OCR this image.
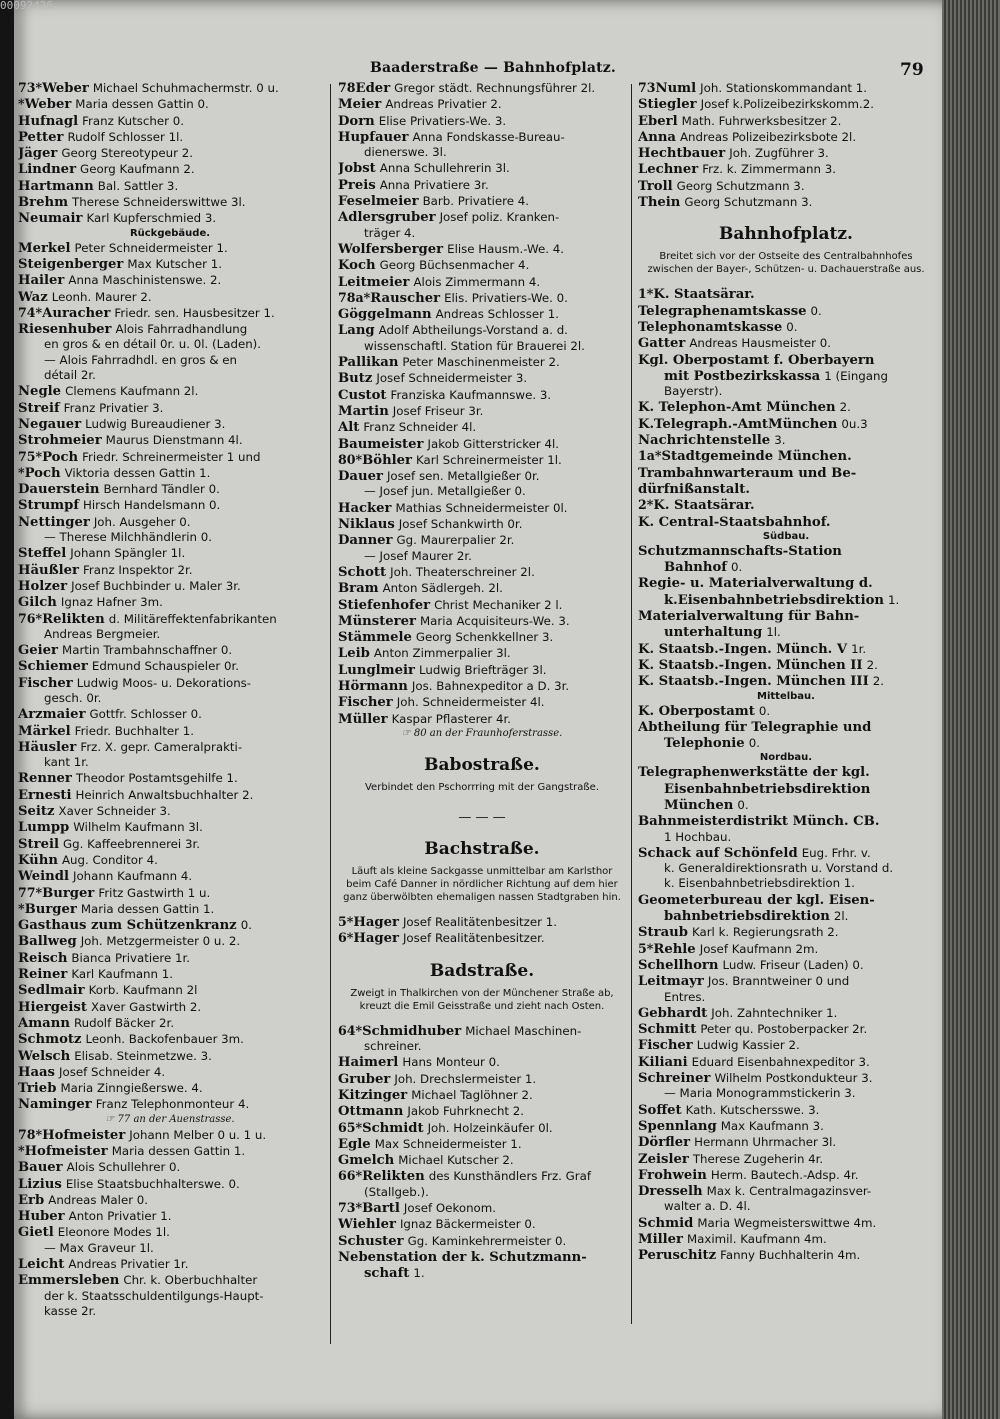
00092426
Baaderstraße — Bahnhofplatz.	79
73*Weber Michael Schuhmachermstr. 0 u.
*Weber Maria dessen Gattin 0.
Hufnagl Franz Kutscher 0.
Petter Rudolf Schlosser 1l.
Jäger Georg Stereotypeur 2.
Lindner Georg Kaufmann 2.
Hartmann Bal. Sattler 3.
Brehm Therese Schneiderswittwe 3l.
Neumair Karl Kupferschmied 3.
Rückgebäude.
Merkel Peter Schneidermeister 1.
Steigenberger Max Kutscher 1.
Hailer Anna Maschinistenswe. 2.
Waz Leonh. Maurer 2.
74*Auracher Friedr. sen. Hausbesitzer 1.
Riesenhuber Alois Fahrradhandlung
en gros & en détail 0r. u. 0l. (Laden).
— Alois Fahrradhdl. en gros & en
détail 2r.
Negle Clemens Kaufmann 2l.
Streif Franz Privatier 3.
Negauer Ludwig Bureaudiener 3.
Strohmeier Maurus Dienstmann 4l.
75*Poch Friedr. Schreinermeister 1 und
*Poch Viktoria dessen Gattin 1.
Dauerstein Bernhard Tändler 0.
Strumpf Hirsch Handelsmann 0.
Nettinger Joh. Ausgeher 0.
— Therese Milchhändlerin 0.
Steffel Johann Spängler 1l.
Häußler Franz Inspektor 2r.
Holzer Josef Buchbinder u. Maler 3r.
Gilch Ignaz Hafner 3m.
76*Relikten d. Militäreffektenfabrikanten
Andreas Bergmeier.
Geier Martin Trambahnschaffner 0.
Schiemer Edmund Schauspieler 0r.
Fischer Ludwig Moos- u. Dekorations-
gesch. 0r.
Arzmaier Gottfr. Schlosser 0.
Märkel Friedr. Buchhalter 1.
Häusler Frz. X. gepr. Cameralprakti-
kant 1r.
Renner Theodor Postamtsgehilfe 1.
Ernesti Heinrich Anwaltsbuchhalter 2.
Seitz Xaver Schneider 3.
Lumpp Wilhelm Kaufmann 3l.
Streil Gg. Kaffeebrennerei 3r.
Kühn Aug. Conditor 4.
Weindl Johann Kaufmann 4.
77*Burger Fritz Gastwirth 1 u.
*Burger Maria dessen Gattin 1.
Gasthaus zum Schützenkranz 0.
Ballweg Joh. Metzgermeister 0 u. 2.
Reisch Bianca Privatiere 1r.
Reiner Karl Kaufmann 1.
Sedlmair Korb. Kaufmann 2l
Hiergeist Xaver Gastwirth 2.
Amann Rudolf Bäcker 2r.
Schmotz Leonh. Backofenbauer 3m.
Welsch Elisab. Steinmetzwe. 3.
Haas Josef Schneider 4.
Trieb Maria Zinngießerswe. 4.
Naminger Franz Telephonmonteur 4.
☞ 77 an der Auenstrasse.
78*Hofmeister Johann Melber 0 u. 1 u.
*Hofmeister Maria dessen Gattin 1.
Bauer Alois Schullehrer 0.
Lizius Elise Staatsbuchhalterswe. 0.
Erb Andreas Maler 0.
Huber Anton Privatier 1.
Gietl Eleonore Modes 1l.
— Max Graveur 1l.
Leicht Andreas Privatier 1r.
Emmersleben Chr. k. Oberbuchhalter
der k. Staatsschuldentilgungs-Haupt-
kasse 2r.
78Eder Gregor städt. Rechnungsführer 2l.
Meier Andreas Privatier 2.
Dorn Elise Privatiers-We. 3.
Hupfauer Anna Fondskasse-Bureau-
dienerswe. 3l.
Jobst Anna Schullehrerin 3l.
Preis Anna Privatiere 3r.
Feselmeier Barb. Privatiere 4.
Adlersgruber Josef poliz. Kranken-
träger 4.
Wolfersberger Elise Hausm.-We. 4.
Koch Georg Büchsenmacher 4.
Leitmeier Alois Zimmermann 4.
78a*Rauscher Elis. Privatiers-We. 0.
Göggelmann Andreas Schlosser 1.
Lang Adolf Abtheilungs-Vorstand a. d.
wissenschaftl. Station für Brauerei 2l.
Pallikan Peter Maschinenmeister 2.
Butz Josef Schneidermeister 3.
Custot Franziska Kaufmannswe. 3.
Martin Josef Friseur 3r.
Alt Franz Schneider 4l.
Baumeister Jakob Gitterstricker 4l.
80*Böhler Karl Schreinermeister 1l.
Dauer Josef sen. Metallgießer 0r.
— Josef jun. Metallgießer 0.
Hacker Mathias Schneidermeister 0l.
Niklaus Josef Schankwirth 0r.
Danner Gg. Maurerpalier 2r.
— Josef Maurer 2r.
Schott Joh. Theaterschreiner 2l.
Bram Anton Sädlergeh. 2l.
Stiefenhofer Christ Mechaniker 2 l.
Münsterer Maria Acquisiteurs-We. 3.
Stämmele Georg Schenkkellner 3.
Leib Anton Zimmerpalier 3l.
Lunglmeir Ludwig Briefträger 3l.
Hörmann Jos. Bahnexpeditor a D. 3r.
Fischer Joh. Schneidermeister 4l.
Müller Kaspar Pflasterer 4r.
☞ 80 an der Fraunhoferstrasse.
Babostraße.
Verbindet den Pschorrring mit der Gangstraße.
— — —
Bachstraße.
Läuft als kleine Sackgasse unmittelbar am Karlsthor beim Café Danner in nördlicher Richtung auf dem hier ganz überwölbten ehemaligen nassen Stadtgraben hin.
5*Hager Josef Realitätenbesitzer 1.
6*Hager Josef Realitätenbesitzer.
Badstraße.
Zweigt in Thalkirchen von der Münchener Straße ab, kreuzt die Emil Geisstraße und zieht nach Osten.
64*Schmidhuber Michael Maschinen-
schreiner.
Haimerl Hans Monteur 0.
Gruber Joh. Drechslermeister 1.
Kitzinger Michael Taglöhner 2.
Ottmann Jakob Fuhrknecht 2.
65*Schmidt Joh. Holzeinkäufer 0l.
Egle Max Schneidermeister 1.
Gmelch Michael Kutscher 2.
66*Relikten des Kunsthändlers Frz. Graf
(Stallgeb.).
73*Bartl Josef Oekonom.
Wiehler Ignaz Bäckermeister 0.
Schuster Gg. Kaminkehrermeister 0.
Nebenstation der k. Schutzmann-
schaft 1.
73Numl Joh. Stationskommandant 1.
Stiegler Josef k.Polizeibezirkskomm.2.
Eberl Math. Fuhrwerksbesitzer 2.
Anna Andreas Polizeibezirksbote 2l.
Hechtbauer Joh. Zugführer 3.
Lechner Frz. k. Zimmermann 3.
Troll Georg Schutzmann 3.
Thein Georg Schutzmann 3.
Bahnhofplatz.
Breitet sich vor der Ostseite des Centralbahnhofes zwischen der Bayer-, Schützen- u. Dachauerstraße aus.
1*K. Staatsärar.
Telegraphenamtskasse 0.
Telephonamtskasse 0.
Gatter Andreas Hausmeister 0.
Kgl. Oberpostamt f. Oberbayern
mit Postbezirkskassa 1 (Eingang
Bayerstr).
K. Telephon-Amt München 2.
K.Telegraph.-AmtMünchen 0u.3
Nachrichtenstelle 3.
1a*Stadtgemeinde München.
Trambahnwarteraum und Be-
dürfnißanstalt.
2*K. Staatsärar.
K. Central-Staatsbahnhof.
Südbau.
Schutzmannschafts-Station
Bahnhof 0.
Regie- u. Materialverwaltung d.
k.Eisenbahnbetriebsdirektion 1.
Materialverwaltung für Bahn-
unterhaltung 1l.
K. Staatsb.-Ingen. Münch. V 1r.
K. Staatsb.-Ingen. München II 2.
K. Staatsb.-Ingen. München III 2.
Mittelbau.
K. Oberpostamt 0.
Abtheilung für Telegraphie und
Telephonie 0.
Nordbau.
Telegraphenwerkstätte der kgl.
Eisenbahnbetriebsdirektion
München 0.
Bahnmeisterdistrikt Münch. CB.
1 Hochbau.
Schack auf Schönfeld Eug. Frhr. v.
k. Generaldirektionsrath u. Vorstand d.
k. Eisenbahnbetriebsdirektion 1.
Geometerbureau der kgl. Eisen-
bahnbetriebsdirektion 2l.
Straub Karl k. Regierungsrath 2.
5*Rehle Josef Kaufmann 2m.
Schellhorn Ludw. Friseur (Laden) 0.
Leitmayr Jos. Branntweiner 0 und
Entres.
Gebhardt Joh. Zahntechniker 1.
Schmitt Peter qu. Postoberpacker 2r.
Fischer Ludwig Kassier 2.
Kiliani Eduard Eisenbahnexpeditor 3.
Schreiner Wilhelm Postkondukteur 3.
— Maria Monogrammstickerin 3.
Soffet Kath. Kutschersswe. 3.
Spennlang Max Kaufmann 3.
Dörfler Hermann Uhrmacher 3l.
Zeisler Therese Zugeherin 4r.
Frohwein Herm. Bautech.-Adsp. 4r.
Dresselh Max k. Centralmagazinsver-
walter a. D. 4l.
Schmid Maria Wegmeisterswittwe 4m.
Miller Maximil. Kaufmann 4m.
Peruschitz Fanny Buchhalterin 4m.
